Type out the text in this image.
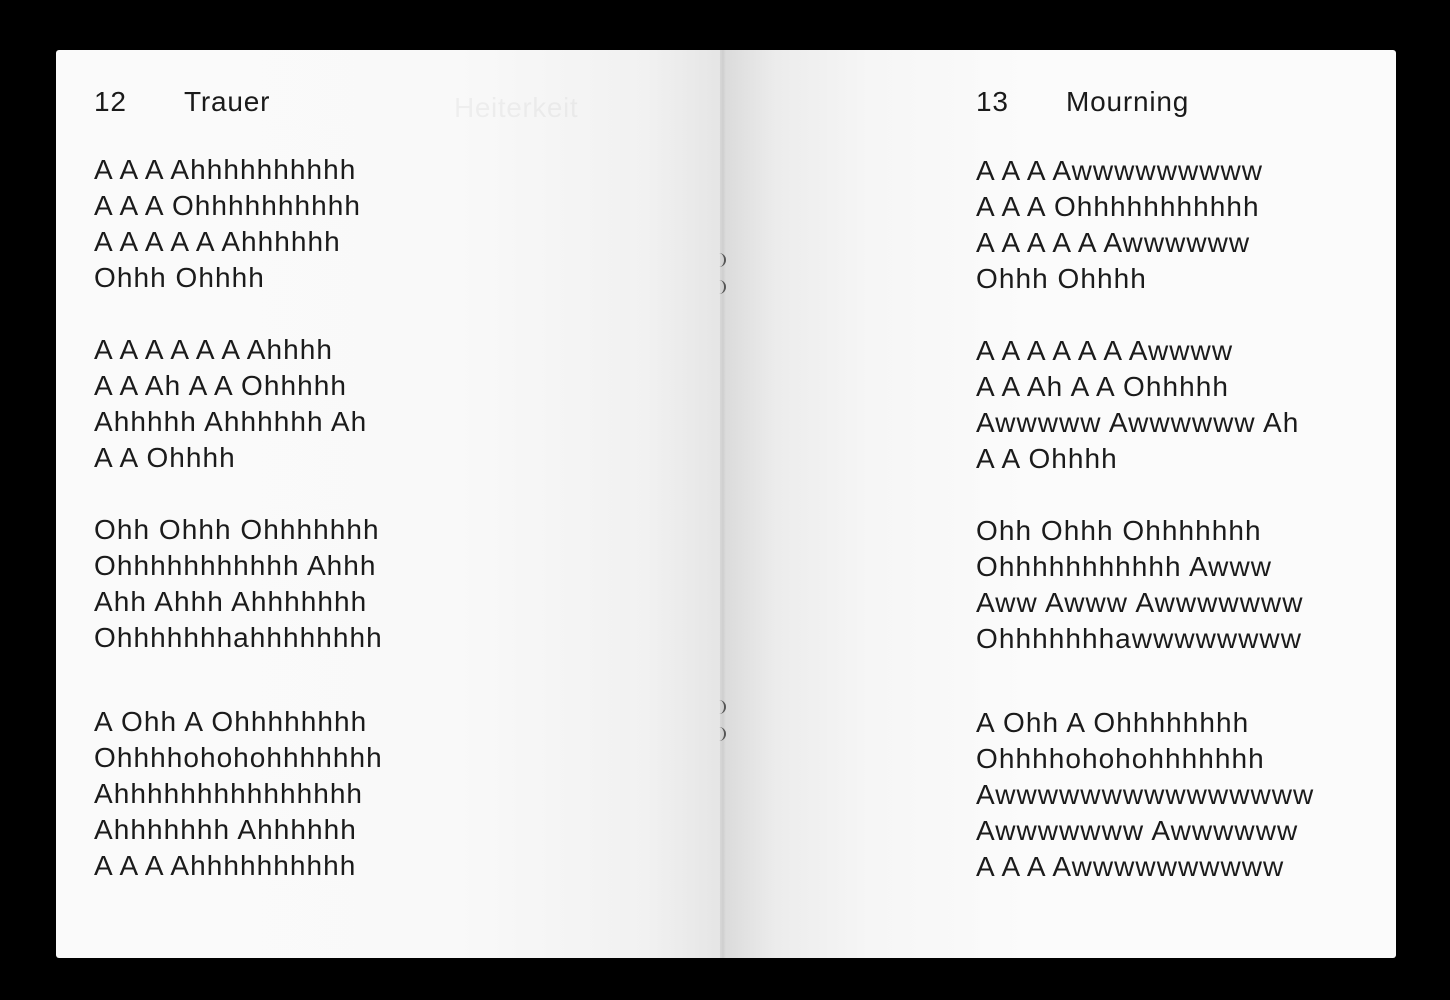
12 Trauer
A A A Ahhhhhhhhhh
A A A Ohhhhhhhhhh
A A A A A Ahhhhhh
Ohhh Ohhhh
A A A A A A Ahhhh
A A Ah A A Ohhhhh
Ahhhhh Ahhhhhh Ah
A A Ohhhh
Ohh Ohhh Ohhhhhhh
Ohhhhhhhhhhh Ahhh
Ahh Ahhh Ahhhhhhh
Ohhhhhhhahhhhhhhh
A Ohh A Ohhhhhhhh
Ohhhhohohohhhhhhh
Ahhhhhhhhhhhhhhh
Ahhhhhhh Ahhhhhh
A A A Ahhhhhhhhhh
13 Mourning
A A A Awwwwwwwww
A A A Ohhhhhhhhhhh
A A A A A Awwwwww
Ohhh Ohhhh
A A A A A A Awwww
A A Ah A A Ohhhhh
Awwwww Awwwwww Ah
A A Ohhhh
Ohh Ohhh Ohhhhhhh
Ohhhhhhhhhhh Awww
Aww Awww Awwwwwww
Ohhhhhhhawwwwwwww
A Ohh A Ohhhhhhhh
Ohhhhohohohhhhhhh
Awwwwwwwwwwwwwww
Awwwwwww Awwwwww
A A A Awwwwwwwwww
